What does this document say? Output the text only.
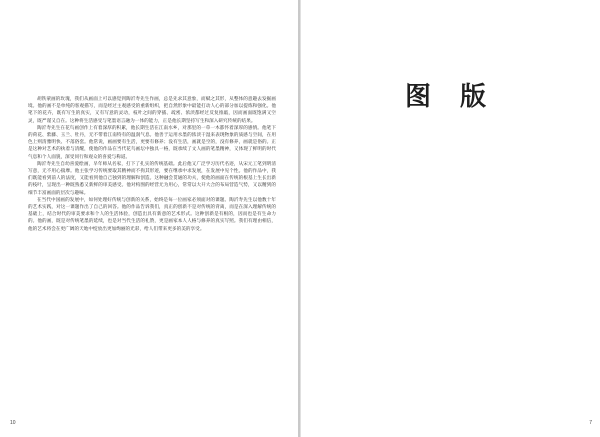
胡铁蒙画的玫瑰，我们从画面上可以感觉到陶沂寿先生作画，总是先求其意象，而赋之其形，从整体的意趣去发掘画境。他的画不是单纯的客观描写，而是经过主观感受的重新组织，把自然形象中最能打动人心的部分加以提炼和强化。他笔下的花卉，既有写生的真实，又有写意的灵动，枝叶之间的穿插、疏密、浓淡都经过反复推敲，因而画面既饱满又空灵，既严谨又自在。这种将生活感受与笔墨语言融为一体的能力，正是他长期坚持写生和深入研究传统的结果。

陶沂寿先生在花鸟画创作上有着深厚的积累，他长期生活在江南水乡，对那里的一草一木都怀着深厚的感情。他笔下的荷花、紫藤、玉兰、牡丹，无不带着江南特有的温润气息。他善于运用水墨的浓淡干湿来表现物象的质感与空间，在用色上则清雅明快、不落俗套。他常说，画画要有生活，更要有修养；没有生活，画就是空的，没有修养，画就是俗的。正是这种对艺术的执着与清醒，使他的作品在当代花鸟画坛中独具一格，既承续了文人画的笔墨精神，又体现了鲜明的时代气息和个人面貌，深受同行和观众的喜爱与称道。

陶沂寿先生自幼喜爱绘画，早年师从名家，打下了扎实的传统基础。此后他又广泛学习历代名迹，从宋元工笔到明清写意，无不用心揣摩。他主张学习传统要取其精神而不拘其形迹，要在继承中求发展，在发展中见个性。他的作品中，我们既能看到前人的法度，又能看到他自己独到的理解和创造。这种融会贯通的功夫，使他的画面在传统的根基上生长出新的枝叶，呈现出一种既熟悉又新鲜的审美感受。他对构图的经营尤为用心，常常以大开大合的布局营造气势，又以精到的细节丰富画面的层次与趣味。

在当代中国画的发展中，如何处理好传统与创新的关系，始终是每一位画家必须面对的课题。陶沂寿先生以他数十年的艺术实践，对这一课题作出了自己的回答。他的作品告诉我们，真正的创新不是对传统的背离，而是在深入理解传统的基础上，结合时代的审美要求和个人的生活体验，创造出具有新意的艺术形式。这种创新是有根的，因而也是有生命力的。他的画，既是对传统笔墨的延续，也是对当代生活的礼赞，更是画家本人人格与修养的真实写照。我们有理由相信，他的艺术将会在更广阔的天地中绽放出更加绚丽的光彩，给人们带来更多的美的享受。

10
图 版
7
